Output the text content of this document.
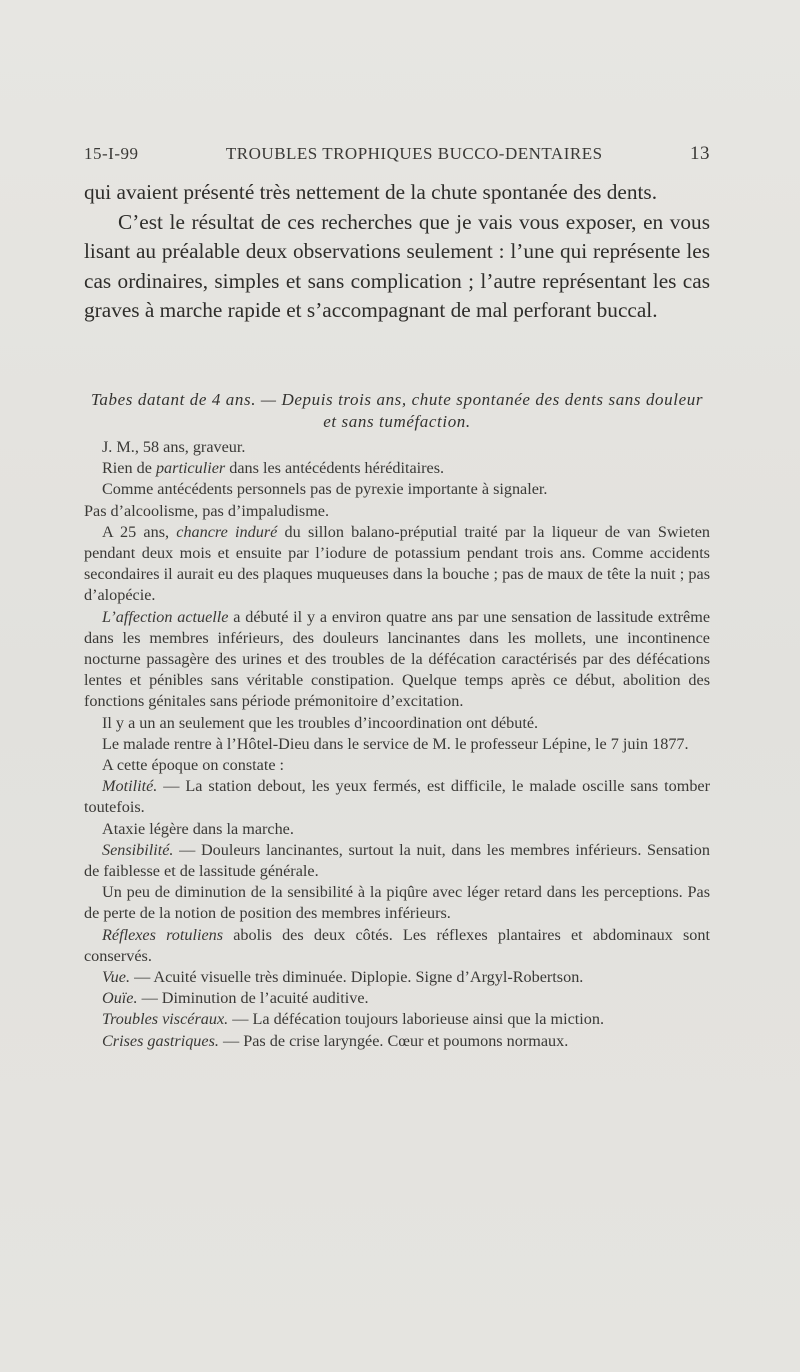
15-I-99	TROUBLES TROPHIQUES BUCCO-DENTAIRES	13

qui avaient présenté très nettement de la chute spontanée des dents.

C’est le résultat de ces recherches que je vais vous exposer, en vous lisant au préalable deux observations seulement : l’une qui représente les cas ordinaires, simples et sans complication ; l’autre représentant les cas graves à marche rapide et s’accompagnant de mal perforant buccal.

Tabes datant de 4 ans. — Depuis trois ans, chute spontanée des dents sans douleur et sans tuméfaction.

J. M., 58 ans, graveur.

Rien de particulier dans les antécédents héréditaires.

Comme antécédents personnels pas de pyrexie importante à signaler.

Pas d’alcoolisme, pas d’impaludisme.

A 25 ans, chancre induré du sillon balano-préputial traité par la liqueur de van Swieten pendant deux mois et ensuite par l’iodure de potassium pendant trois ans. Comme accidents secondaires il aurait eu des plaques muqueuses dans la bouche ; pas de maux de tête la nuit ; pas d’alopécie.

L’affection actuelle a débuté il y a environ quatre ans par une sensation de lassitude extrême dans les membres inférieurs, des douleurs lancinantes dans les mollets, une incontinence nocturne passagère des urines et des troubles de la défécation caractérisés par des défécations lentes et pénibles sans véritable constipation. Quelque temps après ce début, abolition des fonctions génitales sans période prémonitoire d’excitation.

Il y a un an seulement que les troubles d’incoordination ont débuté.

Le malade rentre à l’Hôtel-Dieu dans le service de M. le professeur Lépine, le 7 juin 1877.

A cette époque on constate :

Motilité. — La station debout, les yeux fermés, est difficile, le malade oscille sans tomber toutefois.

Ataxie légère dans la marche.

Sensibilité. — Douleurs lancinantes, surtout la nuit, dans les membres inférieurs. Sensation de faiblesse et de lassitude générale.

Un peu de diminution de la sensibilité à la piqûre avec léger retard dans les perceptions. Pas de perte de la notion de position des membres inférieurs.

Réflexes rotuliens abolis des deux côtés. Les réflexes plantaires et abdominaux sont conservés.

Vue. — Acuité visuelle très diminuée. Diplopie. Signe d’Argyl-Robertson.

Ouïe. — Diminution de l’acuité auditive.

Troubles viscéraux. — La défécation toujours laborieuse ainsi que la miction.

Crises gastriques. — Pas de crise laryngée. Cœur et poumons normaux.
